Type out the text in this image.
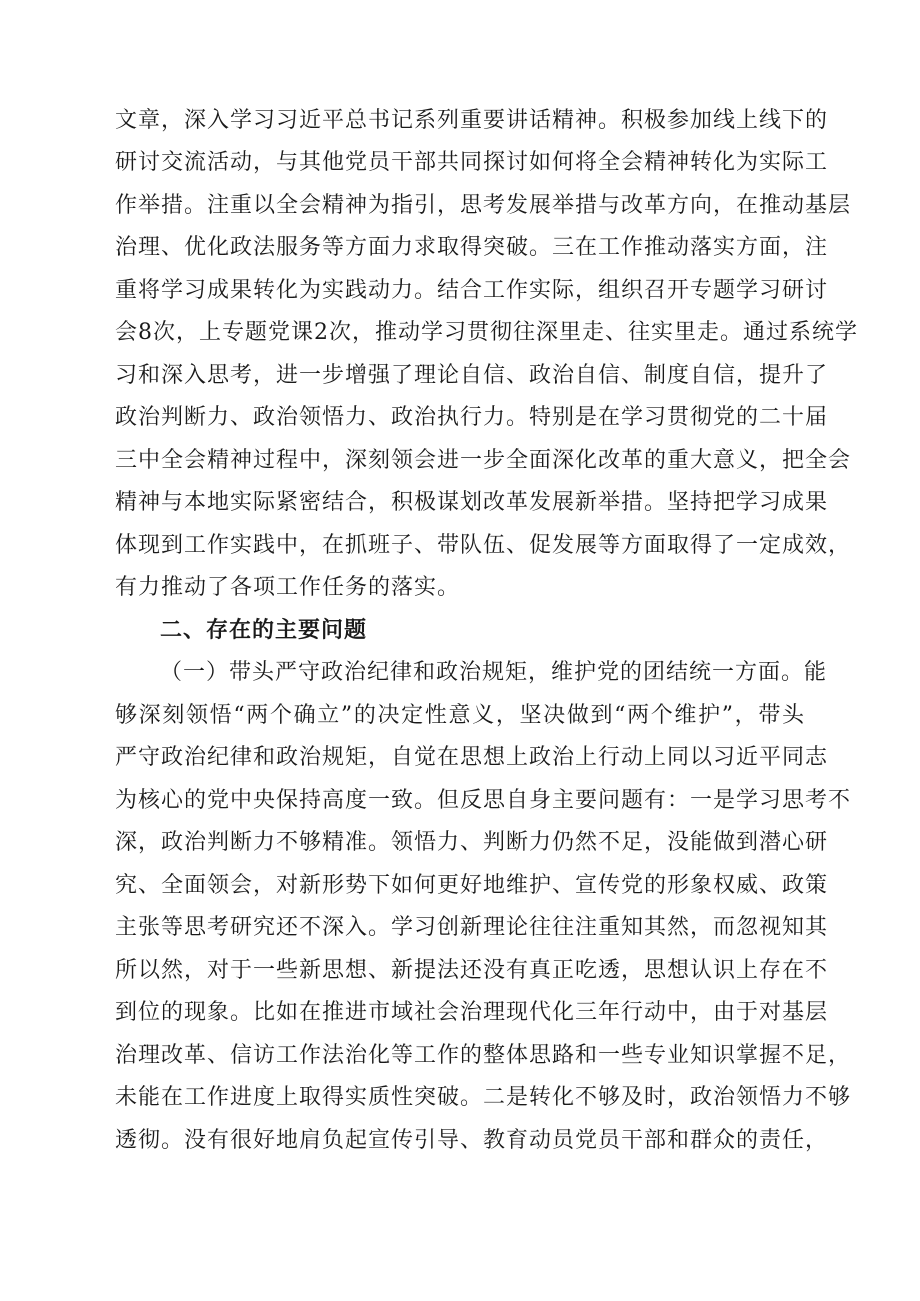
文章，深入学习习近平总书记系列重要讲话精神。积极参加线上线下的
研讨交流活动，与其他党员干部共同探讨如何将全会精神转化为实际工
作举措。注重以全会精神为指引，思考发展举措与改革方向，在推动基层
治理、优化政法服务等方面力求取得突破。三在工作推动落实方面，注
重将学习成果转化为实践动力。结合工作实际，组织召开专题学习研讨
会8次，上专题党课2次，推动学习贯彻往深里走、往实里走。通过系统学
习和深入思考，进一步增强了理论自信、政治自信、制度自信，提升了
政治判断力、政治领悟力、政治执行力。特别是在学习贯彻党的二十届
三中全会精神过程中，深刻领会进一步全面深化改革的重大意义，把全会
精神与本地实际紧密结合，积极谋划改革发展新举措。坚持把学习成果
体现到工作实践中，在抓班子、带队伍、促发展等方面取得了一定成效，
有力推动了各项工作任务的落实。
二、存在的主要问题
（一）带头严守政治纪律和政治规矩，维护党的团结统一方面。能
够深刻领悟“两个确立”的决定性意义，坚决做到“两个维护”，带头
严守政治纪律和政治规矩，自觉在思想上政治上行动上同以习近平同志
为核心的党中央保持高度一致。但反思自身主要问题有：一是学习思考不
深，政治判断力不够精准。领悟力、判断力仍然不足，没能做到潜心研
究、全面领会，对新形势下如何更好地维护、宣传党的形象权威、政策
主张等思考研究还不深入。学习创新理论往往注重知其然，而忽视知其
所以然，对于一些新思想、新提法还没有真正吃透，思想认识上存在不
到位的现象。比如在推进市域社会治理现代化三年行动中，由于对基层
治理改革、信访工作法治化等工作的整体思路和一些专业知识掌握不足，
未能在工作进度上取得实质性突破。二是转化不够及时，政治领悟力不够
透彻。没有很好地肩负起宣传引导、教育动员党员干部和群众的责任，
